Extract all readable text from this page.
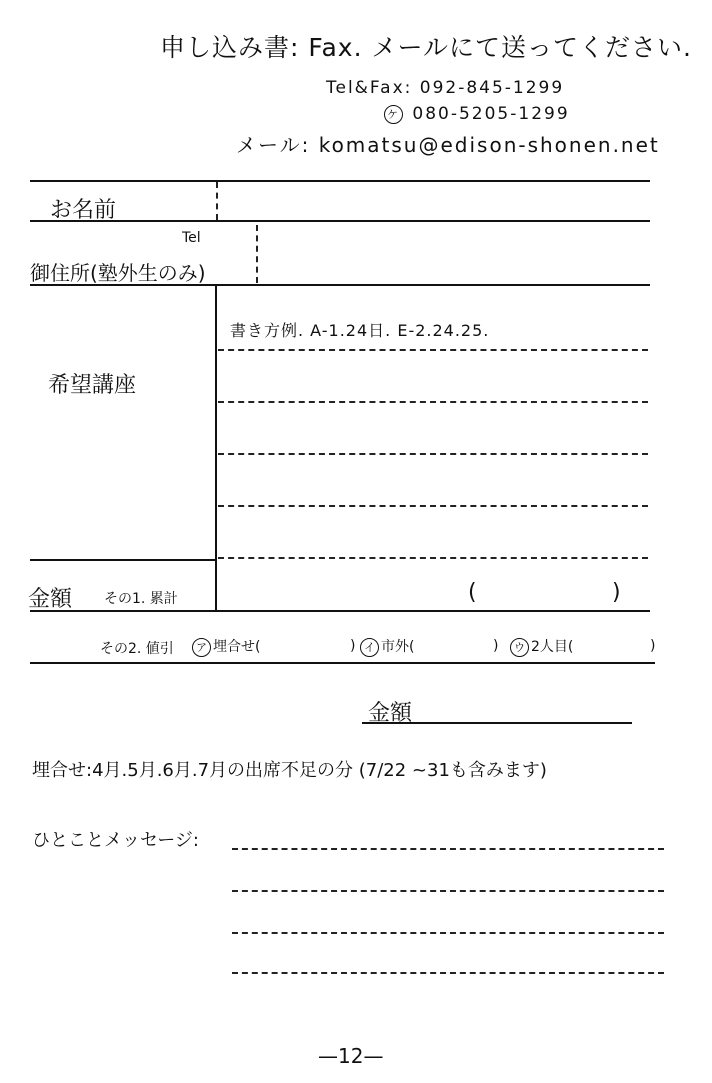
申し込み書: Fax. メールにて送ってください.
Tel&Fax: 092-845-1299
ケ 080-5205-1299
メール: komatsu@edison-shonen.net
お名前
Tel
御住所(塾外生のみ)
希望講座
書き方例. A-1.24日. E-2.24.25.
金額 その1. 累計	(	)
その2. 値引	ア 埋合せ(	) イ 市外(	)	ウ 2人目(	)
金額
埋合せ:4月.5月.6月.7月の出席不足の分 (7/22 ~31も含みます)
ひとことメッセージ:
—12—
